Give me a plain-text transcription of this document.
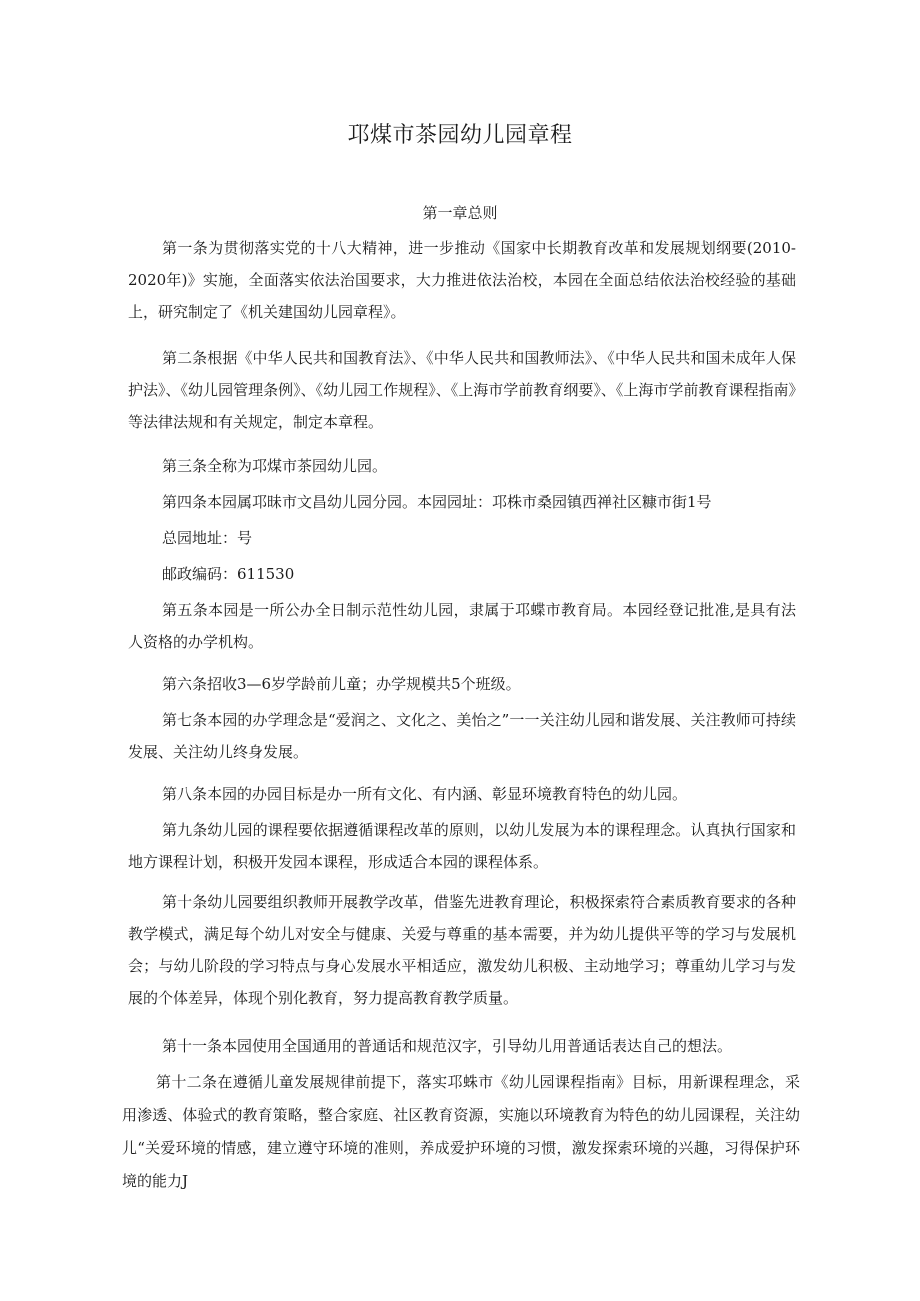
邛煤市茶园幼儿园章程
第一章总则

第一条为贯彻落实党的十八大精神，进一步推动《国家中长期教育改革和发展规划纲要(2010-2020年)》实施，全面落实依法治国要求，大力推进依法治校，本园在全面总结依法治校经验的基础上，研究制定了《机关建国幼儿园章程》。

第二条根据《中华人民共和国教育法》、《中华人民共和国教师法》、《中华人民共和国未成年人保护法》、《幼儿园管理条例》、《幼儿园工作规程》、《上海市学前教育纲要》、《上海市学前教育课程指南》等法律法规和有关规定，制定本章程。

第三条全称为邛煤市茶园幼儿园。

第四条本园属邛昧市文昌幼儿园分园。本园园址：邛株市桑园镇西禅社区糠市街1号

总园地址：号

邮政编码：611530

第五条本园是一所公办全日制示范性幼儿园，隶属于邛蝶市教育局。本园经登记批准,是具有法人资格的办学机构。

第六条招收3—6岁学龄前儿童；办学规模共5个班级。

第七条本园的办学理念是“爱润之、文化之、美怡之”一一关注幼儿园和谐发展、关注教师可持续发展、关注幼儿终身发展。

第八条本园的办园目标是办一所有文化、有内涵、彰显环境教育特色的幼儿园。

第九条幼儿园的课程要依据遵循课程改革的原则，以幼儿发展为本的课程理念。认真执行国家和地方课程计划，积极开发园本课程，形成适合本园的课程体系。

第十条幼儿园要组织教师开展教学改革，借鉴先进教育理论，积极探索符合素质教育要求的各种教学模式，满足每个幼儿对安全与健康、关爱与尊重的基本需要，并为幼儿提供平等的学习与发展机会；与幼儿阶段的学习特点与身心发展水平相适应，激发幼儿积极、主动地学习；尊重幼儿学习与发展的个体差异，体现个别化教育，努力提高教育教学质量。

第十一条本园使用全国通用的普通话和规范汉字，引导幼儿用普通话表达自己的想法。

第十二条在遵循儿童发展规律前提下，落实邛蛛市《幼儿园课程指南》目标，用新课程理念，采用渗透、体验式的教育策略，整合家庭、社区教育资源，实施以环境教育为特色的幼儿园课程，关注幼儿“关爱环境的情感，建立遵守环境的准则，养成爱护环境的习惯，激发探索环境的兴趣，习得保护环境的能力J
